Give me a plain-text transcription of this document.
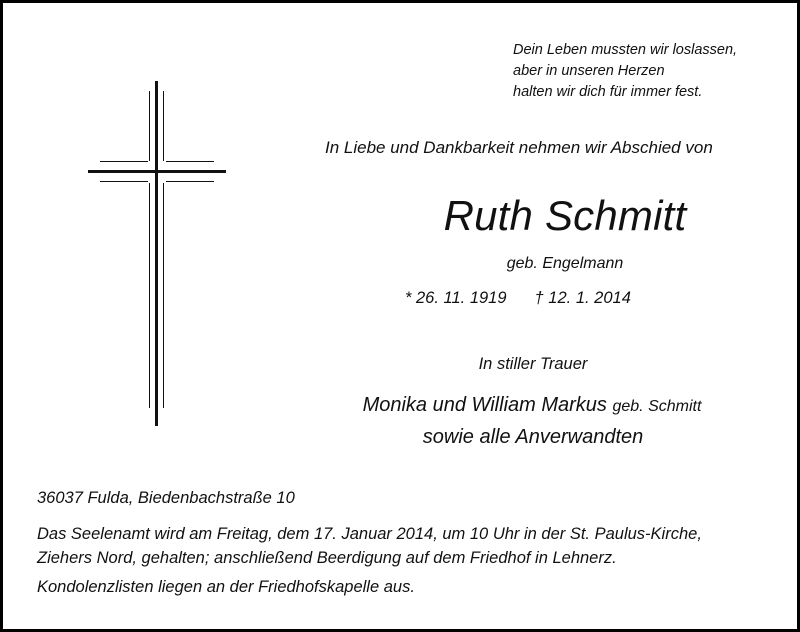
Dein Leben mussten wir loslassen,
aber in unseren Herzen
halten wir dich für immer fest.
In Liebe und Dankbarkeit nehmen wir Abschied von
Ruth Schmitt
geb. Engelmann
* 26. 11. 1919 † 12. 1. 2014
In stiller Trauer
Monika und William Markus geb. Schmitt
sowie alle Anverwandten
36037 Fulda, Biedenbachstraße 10
Das Seelenamt wird am Freitag, dem 17. Januar 2014, um 10 Uhr in der St. Paulus-Kirche,
Ziehers Nord, gehalten; anschließend Beerdigung auf dem Friedhof in Lehnerz.
Kondolenzlisten liegen an der Friedhofskapelle aus.
